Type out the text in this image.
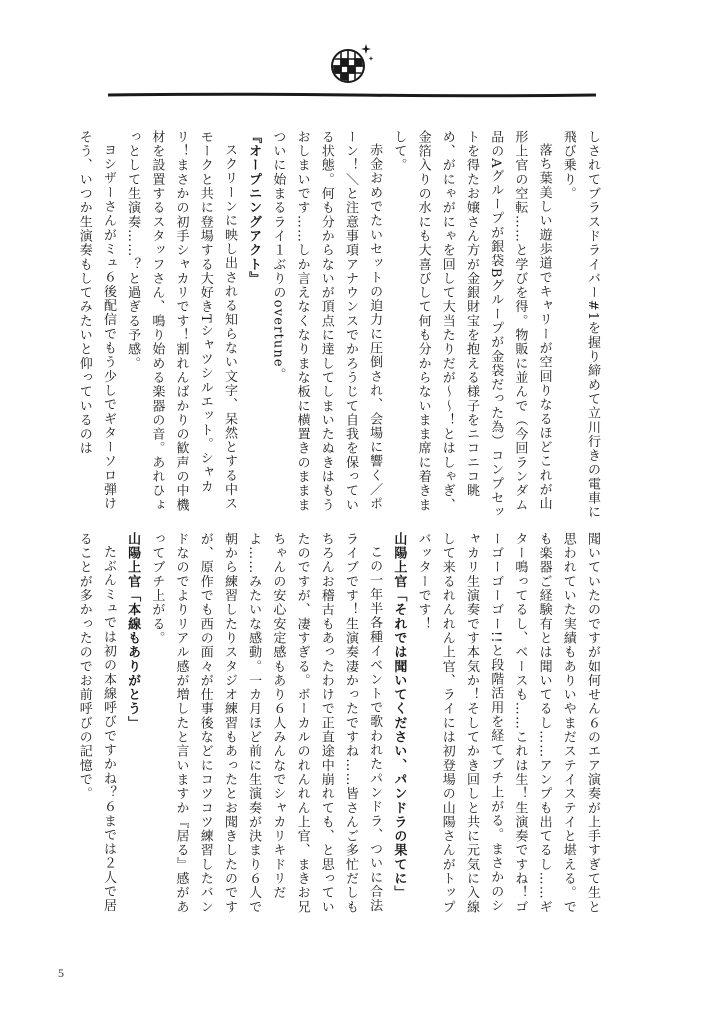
しされてブラスドライバー#1を握り締めて立川行きの電車に飛び乗り。

落ち葉美しい遊歩道でキャリーが空回りなるほどこれが山形上官の空転……と学びを得。物販に並んで（今回ランダム品のAグループが銀袋Bグループが金袋だった為）コンプセットを得たお嬢さん方が金銀財宝を抱える様子をニコニコ眺め、がにゃがにゃを回して大当たりだが～～！とはしゃぎ、金箔入りの水にも大喜びして何も分からないまま席に着きまして。

赤金おめでたいセットの迫力に圧倒され、会場に響く／ポーン！＼と注意事項アナウンスでかろうじて自我を保っている状態。何も分からないが頂点に達してしまいたぬきはもうおしまいです……しか言えなくなりまな板に横置きのまままついに始まるライ１ぶりのovertune。

『オープニングアクト』

スクリーンに映し出される知らない文字、呆然とする中スモークと共に登場する大好きTシャツシルエット。シャカリ！まさかの初手シャカリです！割れんばかりの歓声の中機材を設置するスタッフさん、鳴り始める楽器の音。あれひょっとして生演奏……？と過ぎる予感。

ヨシザーさんがミュ６後配信でもう少しでギターソロ弾けそう、いつか生演奏もしてみたいと仰っているのは

聞いていたのですが如何せん６のエア演奏が上手すぎて生と思われていた実績もありいやまだステイステイと堪える。でも楽器ご経験有とは聞いてるし……アンプも出てるし……ギター鳴ってるし、ベースも……これは生！生演奏ですね！ゴーゴーゴーゴー!!と段階活用を経てブチ上がる。まさかのシャカリ生演奏です本気か！そしてかき回しと共に元気に入線して来るれんれん上官、ライには初登場の山陽さんがトップバッターです！

山陽上官「それでは聞いてください、パンドラの果てに」

この一年半各種イベントで歌われたパンドラ、ついに合法ライブです！生演奏凄かったですね……皆さんご多忙だしもちろんお稽古もあったわけで正直途中崩れても、と思っていたのですが、凄すぎる。ボーカルのれんれん上官、まきお兄ちゃんの安心安定感もあり６人みんなでシャカリキドリだよ……みたいな感動。一カ月ほど前に生演奏が決まり６人で朝から練習したりスタジオ練習もあったとお聞きしたのですが、原作でも西の面々が仕事後などにコツコツ練習したバンドなのでよりリアル感が増したと言いますか『居る』感があってブチ上がる。

山陽上官「本線もありがとう」

たぶんミュでは初の本線呼びですかね？６までは２人で居ることが多かったのでお前呼びの記憶で。

5
